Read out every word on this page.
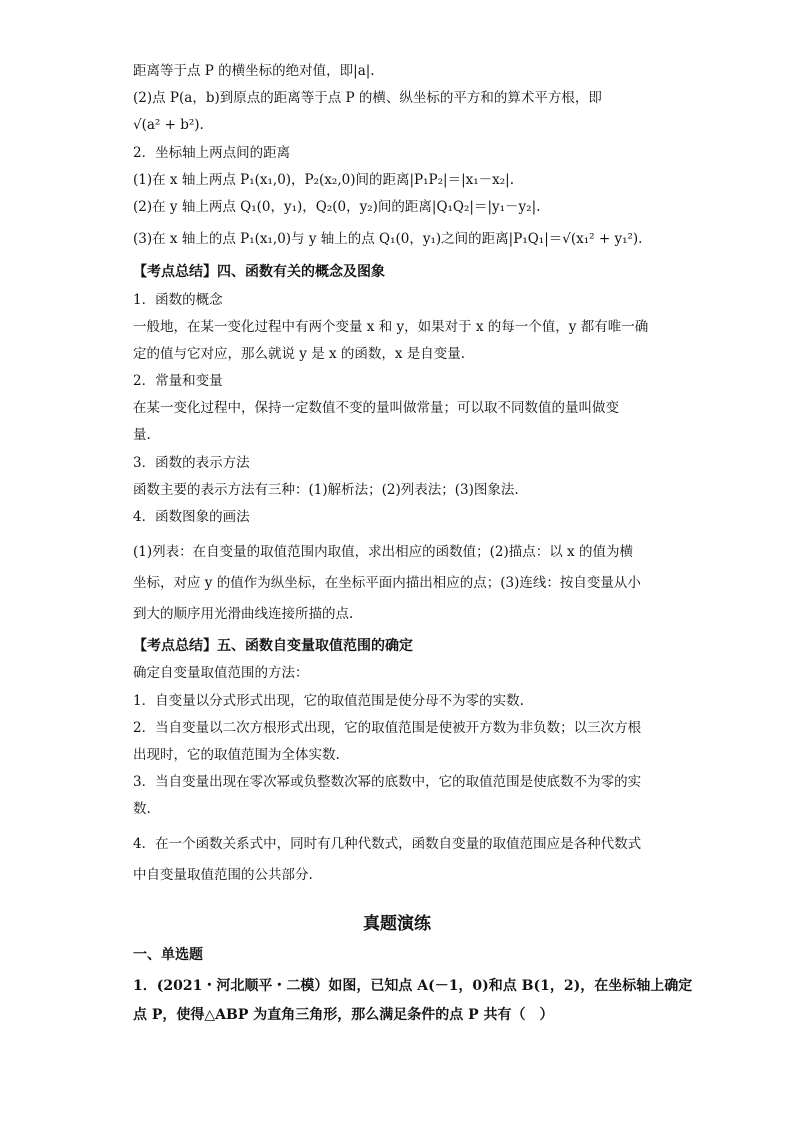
距离等于点 P 的横坐标的绝对值，即|a|.
(2)点 P(a，b)到原点的距离等于点 P 的横、纵坐标的平方和的算术平方根，即
√(a² + b²).
2．坐标轴上两点间的距离
(1)在 x 轴上两点 P₁(x₁,0)，P₂(x₂,0)间的距离|P₁P₂|＝|x₁－x₂|.
(2)在 y 轴上两点 Q₁(0，y₁)，Q₂(0，y₂)间的距离|Q₁Q₂|＝|y₁－y₂|.
(3)在 x 轴上的点 P₁(x₁,0)与 y 轴上的点 Q₁(0，y₁)之间的距离|P₁Q₁|＝√(x₁² + y₁²).
【考点总结】四、函数有关的概念及图象
1．函数的概念
一般地，在某一变化过程中有两个变量 x 和 y，如果对于 x 的每一个值，y 都有唯一确
定的值与它对应，那么就说 y 是 x 的函数，x 是自变量.
2．常量和变量
在某一变化过程中，保持一定数值不变的量叫做常量；可以取不同数值的量叫做变
量.
3．函数的表示方法
函数主要的表示方法有三种：(1)解析法；(2)列表法；(3)图象法.
4．函数图象的画法
(1)列表：在自变量的取值范围内取值，求出相应的函数值；(2)描点：以 x 的值为横
坐标，对应 y 的值作为纵坐标，在坐标平面内描出相应的点；(3)连线：按自变量从小
到大的顺序用光滑曲线连接所描的点.
【考点总结】五、函数自变量取值范围的确定
确定自变量取值范围的方法：
1．自变量以分式形式出现，它的取值范围是使分母不为零的实数.
2．当自变量以二次方根形式出现，它的取值范围是使被开方数为非负数；以三次方根
出现时，它的取值范围为全体实数.
3．当自变量出现在零次幂或负整数次幂的底数中，它的取值范围是使底数不为零的实
数.
4．在一个函数关系式中，同时有几种代数式，函数自变量的取值范围应是各种代数式
中自变量取值范围的公共部分.
真题演练
一、单选题
1．(2021・河北顺平・二模）如图，已知点 A(－1，0)和点 B(1，2)，在坐标轴上确定
点 P，使得△ABP 为直角三角形，那么满足条件的点 P 共有（　）
